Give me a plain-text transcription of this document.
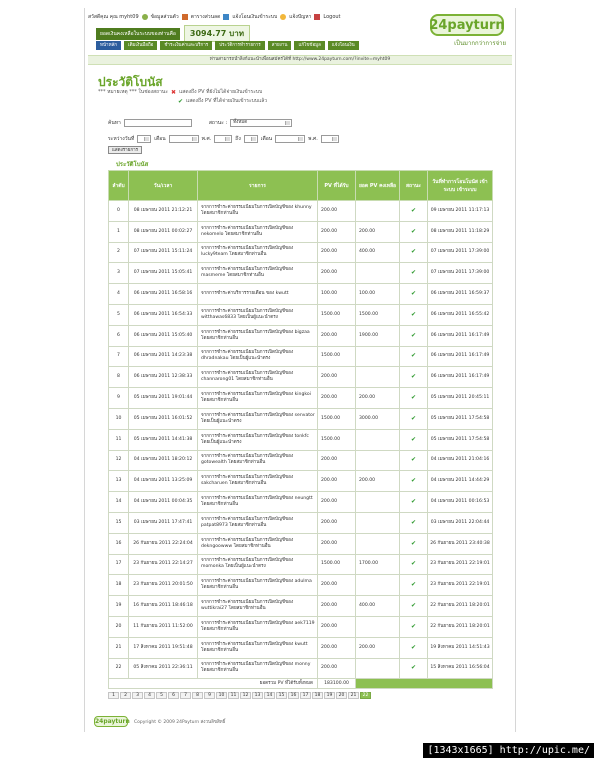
สวัสดีคุณ คุณ myht09 ข้อมูลส่วนตัว ตารางส่วนลด แจ้งโอนเงินเข้าระบบ แจ้งปัญหา Logout
24payturn
เป็นมากกว่าการจ่าย
ยอดเงินคงเหลือในระบบของท่านคือ	3094.77 บาท
หน้าหลัก	เติมเงินมือถือ	ชำระเงินค่าและบริการ	ประวัติการทำรายการ	สายงาน	แก้ไขข้อมูล	แจ้งโอนเงิน
ท่านสามารถนำลิงก์แนะนำเพื่อนสมัครได้ที่ http://www.24payturn.com/?invite=myht09
ประวัติโบนัส
*** หมายเหตุ *** ในช่องสถานะ ✖ แสดงถึง PV ที่ยังไม่ได้จ่ายเงินเข้าระบบ
✔ แสดงถึง PV ที่ได้จ่ายเงินเข้าระบบแล้ว
ค้นหา	สถานะ :	ทั้งหมด
ระหว่างวันที่	เดือน	พ.ศ.	ถึง	เดือน	พ.ศ.
แสดงรายการ
ประวัติโบนัส
ลำดับ	วัน/เวลา	รายการ	PV ที่ได้รับ	ยอด PV คงเหลือ	สถานะ	วันที่ทำการโอนโบนัส เข้าระบบ เข้าระบบ
0	08 เมษายน 2011 21:12:21	จากการชำระค่าธรรมเนียมในการเปิดบัญชีของ khunny โดยสมาชิกท่านอื่น	200.00		✔	09 เมษายน 2011 11:17:13
1	08 เมษายน 2011 00:02:27	จากการชำระค่าธรรมเนียมในการเปิดบัญชีของ nekomelo โดยสมาชิกท่านอื่น	200.00	200.00	✔	08 เมษายน 2011 11:18:29
2	07 เมษายน 2011 15:11:24	จากการชำระค่าธรรมเนียมในการเปิดบัญชีของ lucky9team โดยสมาชิกท่านอื่น	200.00	400.00	✔	07 เมษายน 2011 17:39:00
3	07 เมษายน 2011 15:05:41	จากการชำระค่าธรรมเนียมในการเปิดบัญชีของ masmeme โดยสมาชิกท่านอื่น	200.00		✔	07 เมษายน 2011 17:39:00
4	06 เมษายน 2011 16:58:16	จากการชำระค่าบริการรายเดือน ของ kwutt	100.00	100.00	✔	06 เมษายน 2011 16:59:37
5	06 เมษายน 2011 16:54:33	จากการชำระค่าธรรมเนียมในการเปิดบัญชีของ witthawas6833 โดยเป็นผู้แนะนำตรง	1500.00	1500.00	✔	06 เมษายน 2011 16:55:42
6	06 เมษายน 2011 15:05:40	จากการชำระค่าธรรมเนียมในการเปิดบัญชีของ bigzaa โดยสมาชิกท่านอื่น	200.00	1900.00	✔	06 เมษายน 2011 16:17:49
7	06 เมษายน 2011 14:23:38	จากการชำระค่าธรรมเนียมในการเปิดบัญชีของ dhradnakau โดยเป็นผู้แนะนำตรง	1500.00		✔	06 เมษายน 2011 16:17:49
8	06 เมษายน 2011 12:38:33	จากการชำระค่าธรรมเนียมในการเปิดบัญชีของ channarong01 โดยสมาชิกท่านอื่น	200.00		✔	06 เมษายน 2011 16:17:49
9	05 เมษายน 2011 19:01:44	จากการชำระค่าธรรมเนียมในการเปิดบัญชีของ kingkoi โดยสมาชิกท่านอื่น	200.00	200.00	✔	05 เมษายน 2011 20:45:11
10	05 เมษายน 2011 16:01:52	จากการชำระค่าธรรมเนียมในการเปิดบัญชีของ senvator โดยเป็นผู้แนะนำตรง	1500.00	3000.00	✔	05 เมษายน 2011 17:54:58
11	05 เมษายน 2011 14:41:38	จากการชำระค่าธรรมเนียมในการเปิดบัญชีของ tonkfc โดยเป็นผู้แนะนำตรง	1500.00		✔	05 เมษายน 2011 17:54:58
12	04 เมษายน 2011 18:20:12	จากการชำระค่าธรรมเนียมในการเปิดบัญชีของ gotowealth โดยสมาชิกท่านอื่น	200.00		✔	04 เมษายน 2011 21:04:16
13	04 เมษายน 2011 13:25:09	จากการชำระค่าธรรมเนียมในการเปิดบัญชีของ sakcharuen โดยสมาชิกท่านอื่น	200.00	200.00	✔	04 เมษายน 2011 14:44:29
14	04 เมษายน 2011 00:04:35	จากการชำระค่าธรรมเนียมในการเปิดบัญชีของ neungtt โดยสมาชิกท่านอื่น	200.00		✔	04 เมษายน 2011 00:16:53
15	03 เมษายน 2011 17:47:41	จากการชำระค่าธรรมเนียมในการเปิดบัญชีของ patpat8973 โดยสมาชิกท่านอื่น	200.00		✔	03 เมษายน 2011 22:04:44
16	26 กันยายน 2011 22:24:04	จากการชำระค่าธรรมเนียมในการเปิดบัญชีของ dekngoowww โดยสมาชิกท่านอื่น	200.00		✔	26 กันยายน 2011 23:40:38
17	23 กันยายน 2011 22:14:27	จากการชำระค่าธรรมเนียมในการเปิดบัญชีของ momonka โดยเป็นผู้แนะนำตรง	1500.00	1700.00	✔	23 กันยายน 2011 22:19:01
18	23 กันยายน 2011 20:01:50	จากการชำระค่าธรรมเนียมในการเปิดบัญชีของ adulma โดยสมาชิกท่านอื่น	200.00		✔	23 กันยายน 2011 22:19:01
19	16 กันยายน 2011 18:46:18	จากการชำระค่าธรรมเนียมในการเปิดบัญชีของ wuttikrai27 โดยสมาชิกท่านอื่น	200.00	400.00	✔	22 กันยายน 2011 18:20:01
20	11 กันยายน 2011 11:52:00	จากการชำระค่าธรรมเนียมในการเปิดบัญชีของ aek7119 โดยสมาชิกท่านอื่น	200.00		✔	22 กันยายน 2011 18:20:01
21	17 สิงหาคม 2011 19:51:48	จากการชำระค่าธรรมเนียมในการเปิดบัญชีของ kwutt โดยสมาชิกท่านอื่น	200.00	200.00	✔	19 สิงหาคม 2011 14:51:43
22	05 สิงหาคม 2011 22:36:11	จากการชำระค่าธรรมเนียมในการเปิดบัญชีของ monny โดยสมาชิกท่านอื่น	200.00		✔	15 สิงหาคม 2011 16:56:04
ยอดรวม PV ที่ได้รับทั้งหมด			183100.00			
1	2	3	4	5	6	7	8	9	10	11	12	13	14	15	16	17	18	19	20	21	22
24payturn Copyright © 2009 24Payturn สงวนลิขสิทธิ์
[1343x1665] http://upic.me/
